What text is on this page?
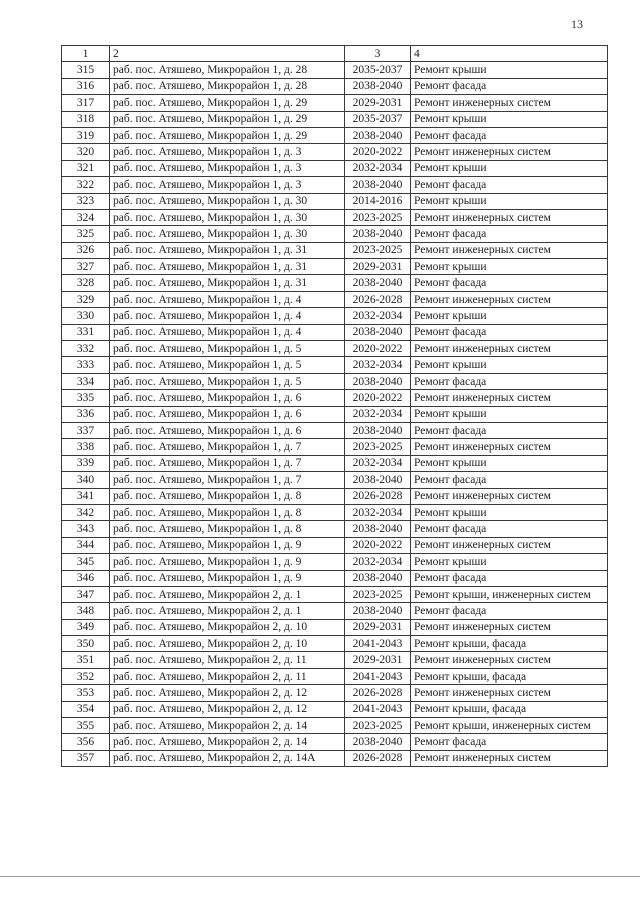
13
1	2	3	4
315	раб. пос. Атяшево, Микрорайон 1, д. 28	2035-2037	Ремонт крыши
316	раб. пос. Атяшево, Микрорайон 1, д. 28	2038-2040	Ремонт фасада
317	раб. пос. Атяшево, Микрорайон 1, д. 29	2029-2031	Ремонт инженерных систем
318	раб. пос. Атяшево, Микрорайон 1, д. 29	2035-2037	Ремонт крыши
319	раб. пос. Атяшево, Микрорайон 1, д. 29	2038-2040	Ремонт фасада
320	раб. пос. Атяшево, Микрорайон 1, д. 3	2020-2022	Ремонт инженерных систем
321	раб. пос. Атяшево, Микрорайон 1, д. 3	2032-2034	Ремонт крыши
322	раб. пос. Атяшево, Микрорайон 1, д. 3	2038-2040	Ремонт фасада
323	раб. пос. Атяшево, Микрорайон 1, д. 30	2014-2016	Ремонт крыши
324	раб. пос. Атяшево, Микрорайон 1, д. 30	2023-2025	Ремонт инженерных систем
325	раб. пос. Атяшево, Микрорайон 1, д. 30	2038-2040	Ремонт фасада
326	раб. пос. Атяшево, Микрорайон 1, д. 31	2023-2025	Ремонт инженерных систем
327	раб. пос. Атяшево, Микрорайон 1, д. 31	2029-2031	Ремонт крыши
328	раб. пос. Атяшево, Микрорайон 1, д. 31	2038-2040	Ремонт фасада
329	раб. пос. Атяшево, Микрорайон 1, д. 4	2026-2028	Ремонт инженерных систем
330	раб. пос. Атяшево, Микрорайон 1, д. 4	2032-2034	Ремонт крыши
331	раб. пос. Атяшево, Микрорайон 1, д. 4	2038-2040	Ремонт фасада
332	раб. пос. Атяшево, Микрорайон 1, д. 5	2020-2022	Ремонт инженерных систем
333	раб. пос. Атяшево, Микрорайон 1, д. 5	2032-2034	Ремонт крыши
334	раб. пос. Атяшево, Микрорайон 1, д. 5	2038-2040	Ремонт фасада
335	раб. пос. Атяшево, Микрорайон 1, д. 6	2020-2022	Ремонт инженерных систем
336	раб. пос. Атяшево, Микрорайон 1, д. 6	2032-2034	Ремонт крыши
337	раб. пос. Атяшево, Микрорайон 1, д. 6	2038-2040	Ремонт фасада
338	раб. пос. Атяшево, Микрорайон 1, д. 7	2023-2025	Ремонт инженерных систем
339	раб. пос. Атяшево, Микрорайон 1, д. 7	2032-2034	Ремонт крыши
340	раб. пос. Атяшево, Микрорайон 1, д. 7	2038-2040	Ремонт фасада
341	раб. пос. Атяшево, Микрорайон 1, д. 8	2026-2028	Ремонт инженерных систем
342	раб. пос. Атяшево, Микрорайон 1, д. 8	2032-2034	Ремонт крыши
343	раб. пос. Атяшево, Микрорайон 1, д. 8	2038-2040	Ремонт фасада
344	раб. пос. Атяшево, Микрорайон 1, д. 9	2020-2022	Ремонт инженерных систем
345	раб. пос. Атяшево, Микрорайон 1, д. 9	2032-2034	Ремонт крыши
346	раб. пос. Атяшево, Микрорайон 1, д. 9	2038-2040	Ремонт фасада
347	раб. пос. Атяшево, Микрорайон 2, д. 1	2023-2025	Ремонт крыши, инженерных систем
348	раб. пос. Атяшево, Микрорайон 2, д. 1	2038-2040	Ремонт фасада
349	раб. пос. Атяшево, Микрорайон 2, д. 10	2029-2031	Ремонт инженерных систем
350	раб. пос. Атяшево, Микрорайон 2, д. 10	2041-2043	Ремонт крыши, фасада
351	раб. пос. Атяшево, Микрорайон 2, д. 11	2029-2031	Ремонт инженерных систем
352	раб. пос. Атяшево, Микрорайон 2, д. 11	2041-2043	Ремонт крыши, фасада
353	раб. пос. Атяшево, Микрорайон 2, д. 12	2026-2028	Ремонт инженерных систем
354	раб. пос. Атяшево, Микрорайон 2, д. 12	2041-2043	Ремонт крыши, фасада
355	раб. пос. Атяшево, Микрорайон 2, д. 14	2023-2025	Ремонт крыши, инженерных систем
356	раб. пос. Атяшево, Микрорайон 2, д. 14	2038-2040	Ремонт фасада
357	раб. пос. Атяшево, Микрорайон 2, д. 14А	2026-2028	Ремонт инженерных систем
